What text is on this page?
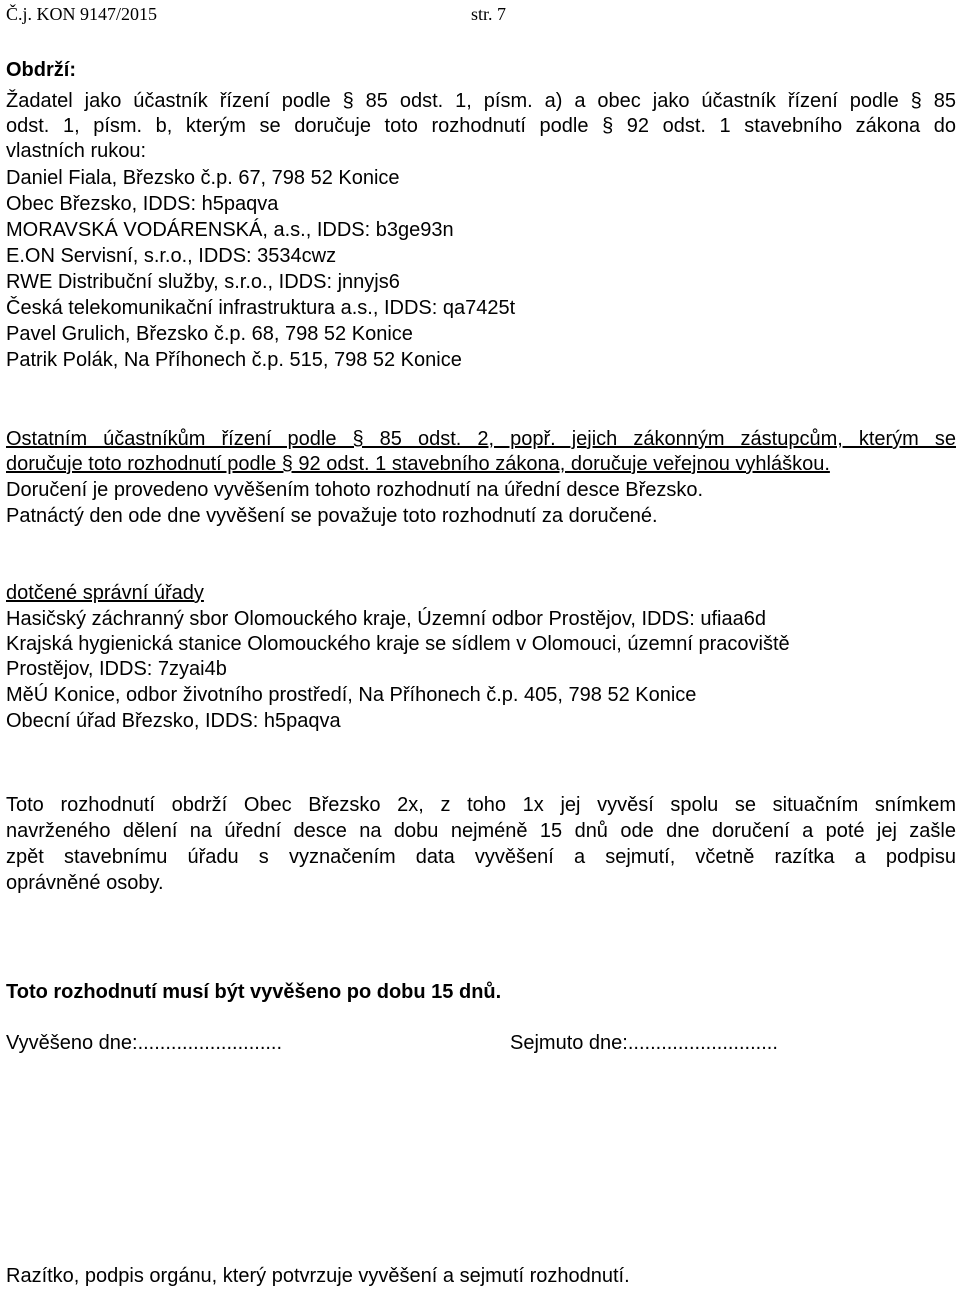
Č.j. KON 9147/2015	str. 7
Obdrží:
Žadatel jako účastník řízení podle § 85 odst. 1, písm. a) a obec jako účastník řízení podle § 85
odst. 1, písm. b, kterým se doručuje toto rozhodnutí podle § 92 odst. 1 stavebního zákona do
vlastních rukou:
Daniel Fiala, Březsko č.p. 67, 798 52 Konice
Obec Březsko, IDDS: h5paqva
MORAVSKÁ VODÁRENSKÁ, a.s., IDDS: b3ge93n
E.ON Servisní, s.r.o., IDDS: 3534cwz
RWE Distribuční služby, s.r.o., IDDS: jnnyjs6
Česká telekomunikační infrastruktura a.s., IDDS: qa7425t
Pavel Grulich, Březsko č.p. 68, 798 52 Konice
Patrik Polák, Na Příhonech č.p. 515, 798 52 Konice
Ostatním účastníkům řízení podle § 85 odst. 2, popř. jejich zákonným zástupcům, kterým se
doručuje toto rozhodnutí podle § 92 odst. 1 stavebního zákona, doručuje veřejnou vyhláškou.
Doručení je provedeno vyvěšením tohoto rozhodnutí na úřední desce Březsko.
Patnáctý den ode dne vyvěšení se považuje toto rozhodnutí za doručené.
dotčené správní úřady
Hasičský záchranný sbor Olomouckého kraje, Územní odbor Prostějov, IDDS: ufiaa6d
Krajská hygienická stanice Olomouckého kraje se sídlem v Olomouci, územní pracoviště
Prostějov, IDDS: 7zyai4b
MěÚ Konice, odbor životního prostředí, Na Příhonech č.p. 405, 798 52 Konice
Obecní úřad Březsko, IDDS: h5paqva
Toto rozhodnutí obdrží Obec Březsko 2x, z toho 1x jej vyvěsí spolu se situačním snímkem
navrženého dělení na úřední desce na dobu nejméně 15 dnů ode dne doručení a poté jej zašle
zpět stavebnímu úřadu s vyznačením data vyvěšení a sejmutí, včetně razítka a podpisu
oprávněné osoby.
Toto rozhodnutí musí být vyvěšeno po dobu 15 dnů.
Vyvěšeno dne:..........................	Sejmuto dne:...........................
Razítko, podpis orgánu, který potvrzuje vyvěšení a sejmutí rozhodnutí.
